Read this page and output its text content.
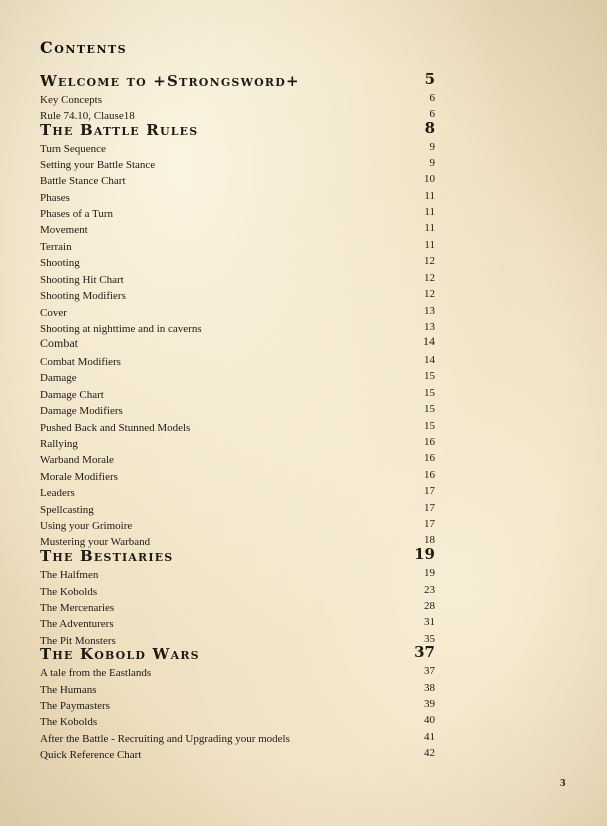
Contents
Welcome to +Strongsword+	5
Key Concepts	6
Rule 74.10, Clause18	6
The Battle Rules	8
Turn Sequence	9
Setting your Battle Stance	9
Battle Stance Chart	10
Phases	11
Phases of a Turn	11
Movement	11
Terrain	11
Shooting	12
Shooting Hit Chart	12
Shooting Modifiers	12
Cover	13
Shooting at nighttime and in caverns	13
Combat	14
Combat Modifiers	14
Damage	15
Damage Chart	15
Damage Modifiers	15
Pushed Back and Stunned Models	15
Rallying	16
Warband Morale	16
Morale Modifiers	16
Leaders	17
Spellcasting	17
Using your Grimoire	17
Mustering your Warband	18
The Bestiaries	19
The Halfmen	19
The Kobolds	23
The Mercenaries	28
The Adventurers	31
The Pit Monsters	35
The Kobold Wars	37
A tale from the Eastlands	37
The Humans	38
The Paymasters	39
The Kobolds	40
After the Battle - Recruiting and Upgrading your models	41
Quick Reference Chart	42
3
